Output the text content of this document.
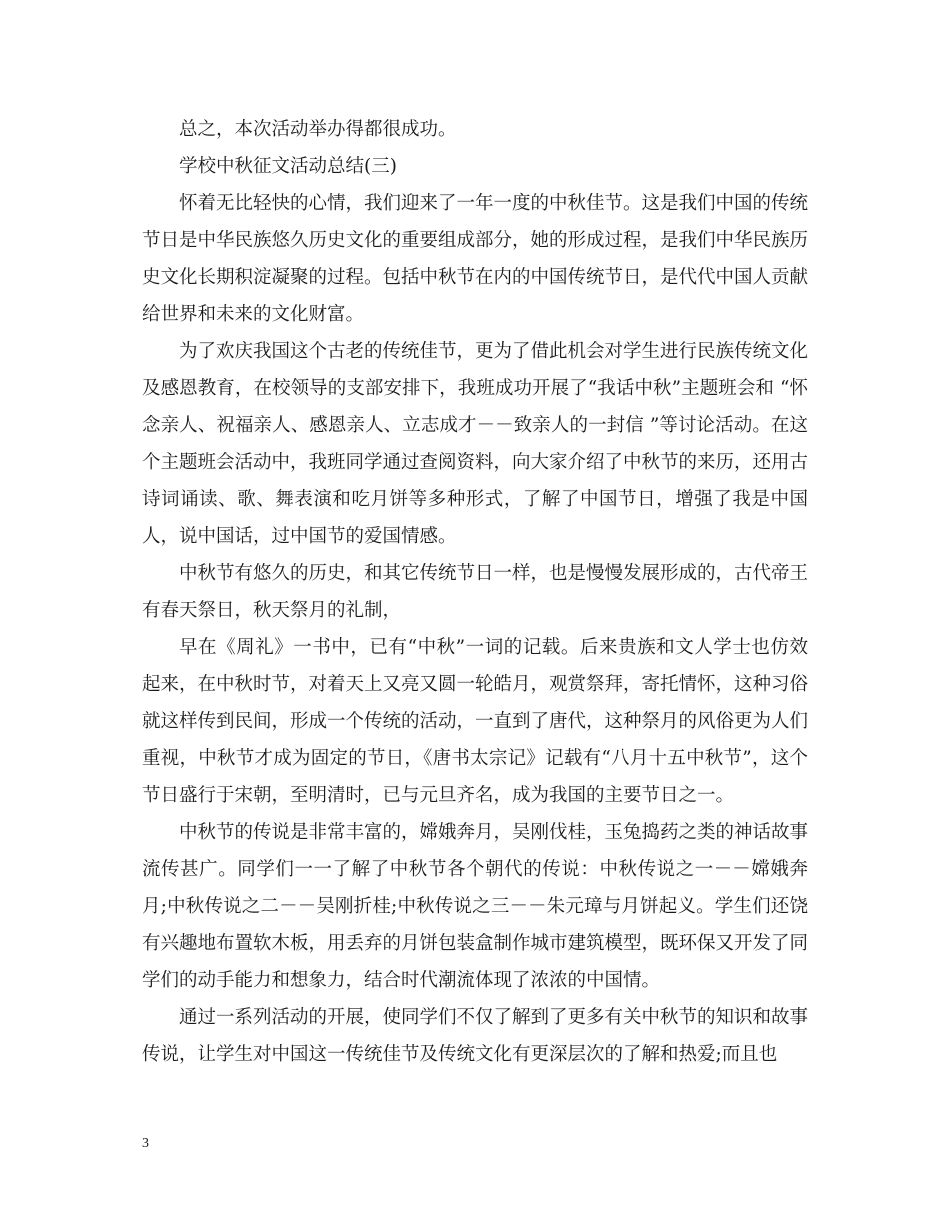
总之，本次活动举办得都很成功。

学校中秋征文活动总结(三)

怀着无比轻快的心情，我们迎来了一年一度的中秋佳节。这是我们中国的传统节日是中华民族悠久历史文化的重要组成部分，她的形成过程，是我们中华民族历史文化长期积淀凝聚的过程。包括中秋节在内的中国传统节日，是代代中国人贡献给世界和未来的文化财富。

为了欢庆我国这个古老的传统佳节，更为了借此机会对学生进行民族传统文化及感恩教育，在校领导的支部安排下，我班成功开展了“我话中秋”主题班会和 “怀念亲人、祝福亲人、感恩亲人、立志成才－－致亲人的一封信 ”等讨论活动。在这个主题班会活动中，我班同学通过查阅资料，向大家介绍了中秋节的来历，还用古诗词诵读、歌、舞表演和吃月饼等多种形式，了解了中国节日，增强了我是中国人，说中国话，过中国节的爱国情感。

中秋节有悠久的历史，和其它传统节日一样，也是慢慢发展形成的，古代帝王有春天祭日，秋天祭月的礼制，

早在《周礼》一书中，已有“中秋”一词的记载。后来贵族和文人学士也仿效起来，在中秋时节，对着天上又亮又圆一轮皓月，观赏祭拜，寄托情怀，这种习俗就这样传到民间，形成一个传统的活动，一直到了唐代，这种祭月的风俗更为人们重视，中秋节才成为固定的节日，《唐书太宗记》记载有“八月十五中秋节”，这个节日盛行于宋朝，至明清时，已与元旦齐名，成为我国的主要节日之一。

中秋节的传说是非常丰富的，嫦娥奔月，吴刚伐桂，玉兔捣药之类的神话故事流传甚广。同学们一一了解了中秋节各个朝代的传说：中秋传说之一－－嫦娥奔月;中秋传说之二－－吴刚折桂;中秋传说之三－－朱元璋与月饼起义。学生们还饶有兴趣地布置软木板，用丢弃的月饼包装盒制作城市建筑模型，既环保又开发了同学们的动手能力和想象力，结合时代潮流体现了浓浓的中国情。

通过一系列活动的开展，使同学们不仅了解到了更多有关中秋节的知识和故事传说，让学生对中国这一传统佳节及传统文化有更深层次的了解和热爱;而且也

3
